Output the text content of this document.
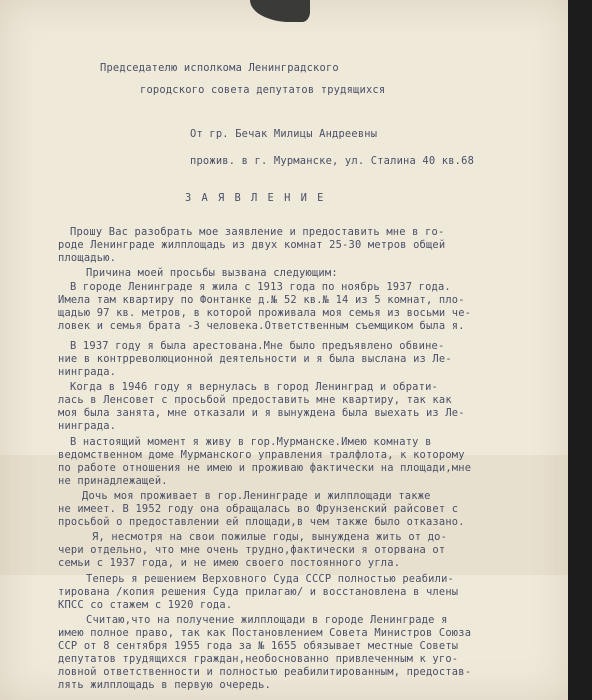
Председателю исполкома Ленинградского
городского совета депутатов трудящихся
От гр. Бечак Милицы Андреевны
прожив. в г. Мурманске, ул. Сталина 40 кв.68
З А Я В Л Е Н И Е
Прошу Вас разобрать мое заявление и предоставить мне в го-
роде Ленинграде жилплощадь из двух комнат 25-30 метров общей
площадью.
Причина моей просьбы вызвана следующим:
В городе Ленинграде я жила с 1913 года по ноябрь 1937 года.
Имела там квартиру по Фонтанке д.№ 52 кв.№ 14 из 5 комнат, пло-
щадью 97 кв. метров, в которой проживала моя семья из восьми че-
ловек и семья брата -3 человека.Ответственным съемщиком была я.
В 1937 году я была арестована.Мне было предъявлено обвине-
ние в контрреволюционной деятельности и я была выслана из Ле-
нинграда.
Когда в 1946 году я вернулась в город Ленинград и обрати-
лась в Ленсовет с просьбой предоставить мне квартиру, так как
моя была занята, мне отказали и я вынуждена была выехать из Ле-
нинграда.
В настоящий момент я живу в гор.Мурманске.Имею комнату в
ведомственном доме Мурманского управления тралфлота, к которому
по работе отношения не имею и проживаю фактически на площади,мне
не принадлежащей.
Дочь моя проживает в гор.Ленинграде и жилплощади также
не имеет. В 1952 году она обращалась во Фрунзенский райсовет с
просьбой о предоставлении ей площади,в чем также было отказано.
Я, несмотря на свои пожилые годы, вынуждена жить от до-
чери отдельно, что мне очень трудно,фактически я оторвана от
семьи с 1937 года, и не имею своего постоянного угла.
Теперь я решением Верховного Суда СССР полностью реабили-
тирована /копия решения Суда прилагаю/ и восстановлена в члены
КПСС со стажем с 1920 года.
Считаю,что на получение жилплощади в городе Ленинграде я
имею полное право, так как Постановлением Совета Министров Союза
ССР от 8 сентября 1955 года за № 1655 обязывает местные Советы
депутатов трудящихся граждан,необоснованно привлеченным к уго-
ловной ответственности и полностью реабилитированным, предостав-
лять жилплощадь в первую очередь.
